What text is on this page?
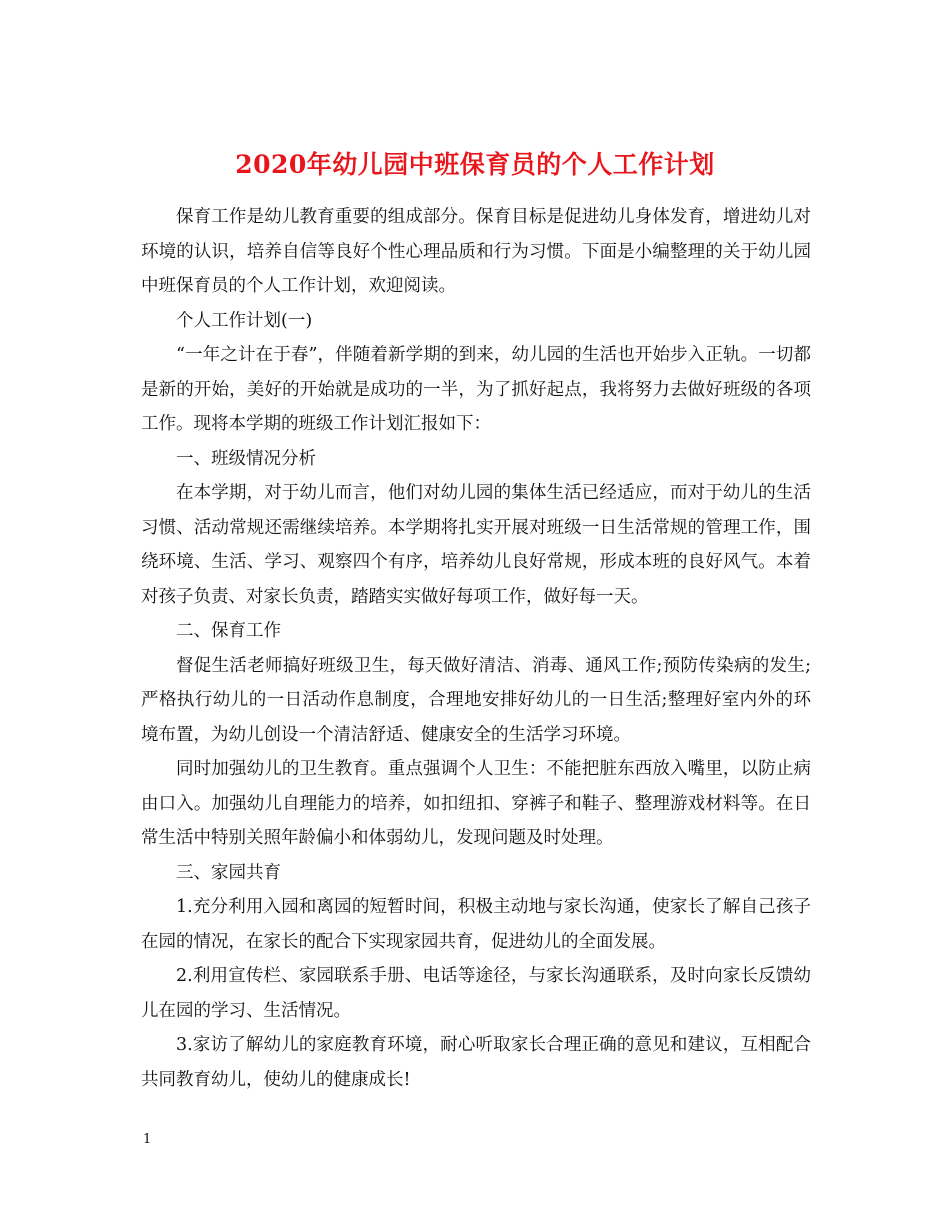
2020年幼儿园中班保育员的个人工作计划

保育工作是幼儿教育重要的组成部分。保育目标是促进幼儿身体发育，增进幼儿对环境的认识，培养自信等良好个性心理品质和行为习惯。下面是小编整理的关于幼儿园中班保育员的个人工作计划，欢迎阅读。

个人工作计划(一)

“一年之计在于春”，伴随着新学期的到来，幼儿园的生活也开始步入正轨。一切都是新的开始，美好的开始就是成功的一半，为了抓好起点，我将努力去做好班级的各项工作。现将本学期的班级工作计划汇报如下：

一、班级情况分析

在本学期，对于幼儿而言，他们对幼儿园的集体生活已经适应，而对于幼儿的生活习惯、活动常规还需继续培养。本学期将扎实开展对班级一日生活常规的管理工作，围绕环境、生活、学习、观察四个有序，培养幼儿良好常规，形成本班的良好风气。本着对孩子负责、对家长负责，踏踏实实做好每项工作，做好每一天。

二、保育工作

督促生活老师搞好班级卫生，每天做好清洁、消毒、通风工作;预防传染病的发生;严格执行幼儿的一日活动作息制度，合理地安排好幼儿的一日生活;整理好室内外的环境布置，为幼儿创设一个清洁舒适、健康安全的生活学习环境。

同时加强幼儿的卫生教育。重点强调个人卫生：不能把脏东西放入嘴里，以防止病由口入。加强幼儿自理能力的培养，如扣纽扣、穿裤子和鞋子、整理游戏材料等。在日常生活中特别关照年龄偏小和体弱幼儿，发现问题及时处理。

三、家园共育

1.充分利用入园和离园的短暂时间，积极主动地与家长沟通，使家长了解自己孩子在园的情况，在家长的配合下实现家园共育，促进幼儿的全面发展。

2.利用宣传栏、家园联系手册、电话等途径，与家长沟通联系，及时向家长反馈幼儿在园的学习、生活情况。

3.家访了解幼儿的家庭教育环境，耐心听取家长合理正确的意见和建议，互相配合共同教育幼儿，使幼儿的健康成长!

1
